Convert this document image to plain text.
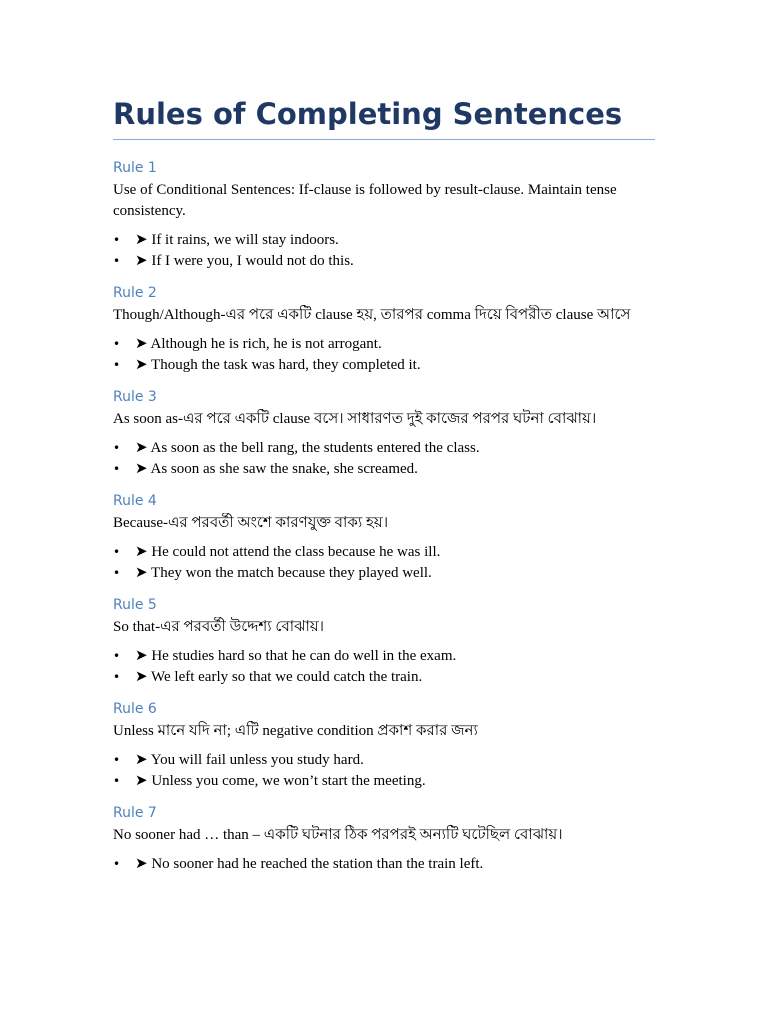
Rules of Completing Sentences
Rule 1
Use of Conditional Sentences: If-clause is followed by result-clause. Maintain tense consistency.
• ➤ If it rains, we will stay indoors.
• ➤ If I were you, I would not do this.
Rule 2
Though/Although-এর পরে একটি clause হয়, তারপর comma দিয়ে বিপরীত clause আসে
• ➤ Although he is rich, he is not arrogant.
• ➤ Though the task was hard, they completed it.
Rule 3
As soon as-এর পরে একটি clause বসে। সাধারণত দুই কাজের পরপর ঘটনা বোঝায়।
• ➤ As soon as the bell rang, the students entered the class.
• ➤ As soon as she saw the snake, she screamed.
Rule 4
Because-এর পরবর্তী অংশে কারণযুক্ত বাক্য হয়।
• ➤ He could not attend the class because he was ill.
• ➤ They won the match because they played well.
Rule 5
So that-এর পরবর্তী উদ্দেশ্য বোঝায়।
• ➤ He studies hard so that he can do well in the exam.
• ➤ We left early so that we could catch the train.
Rule 6
Unless মানে যদি না; এটি negative condition প্রকাশ করার জন্য
• ➤ You will fail unless you study hard.
• ➤ Unless you come, we won’t start the meeting.
Rule 7
No sooner had … than – একটি ঘটনার ঠিক পরপরই অন্যটি ঘটেছিল বোঝায়।
• ➤ No sooner had he reached the station than the train left.
